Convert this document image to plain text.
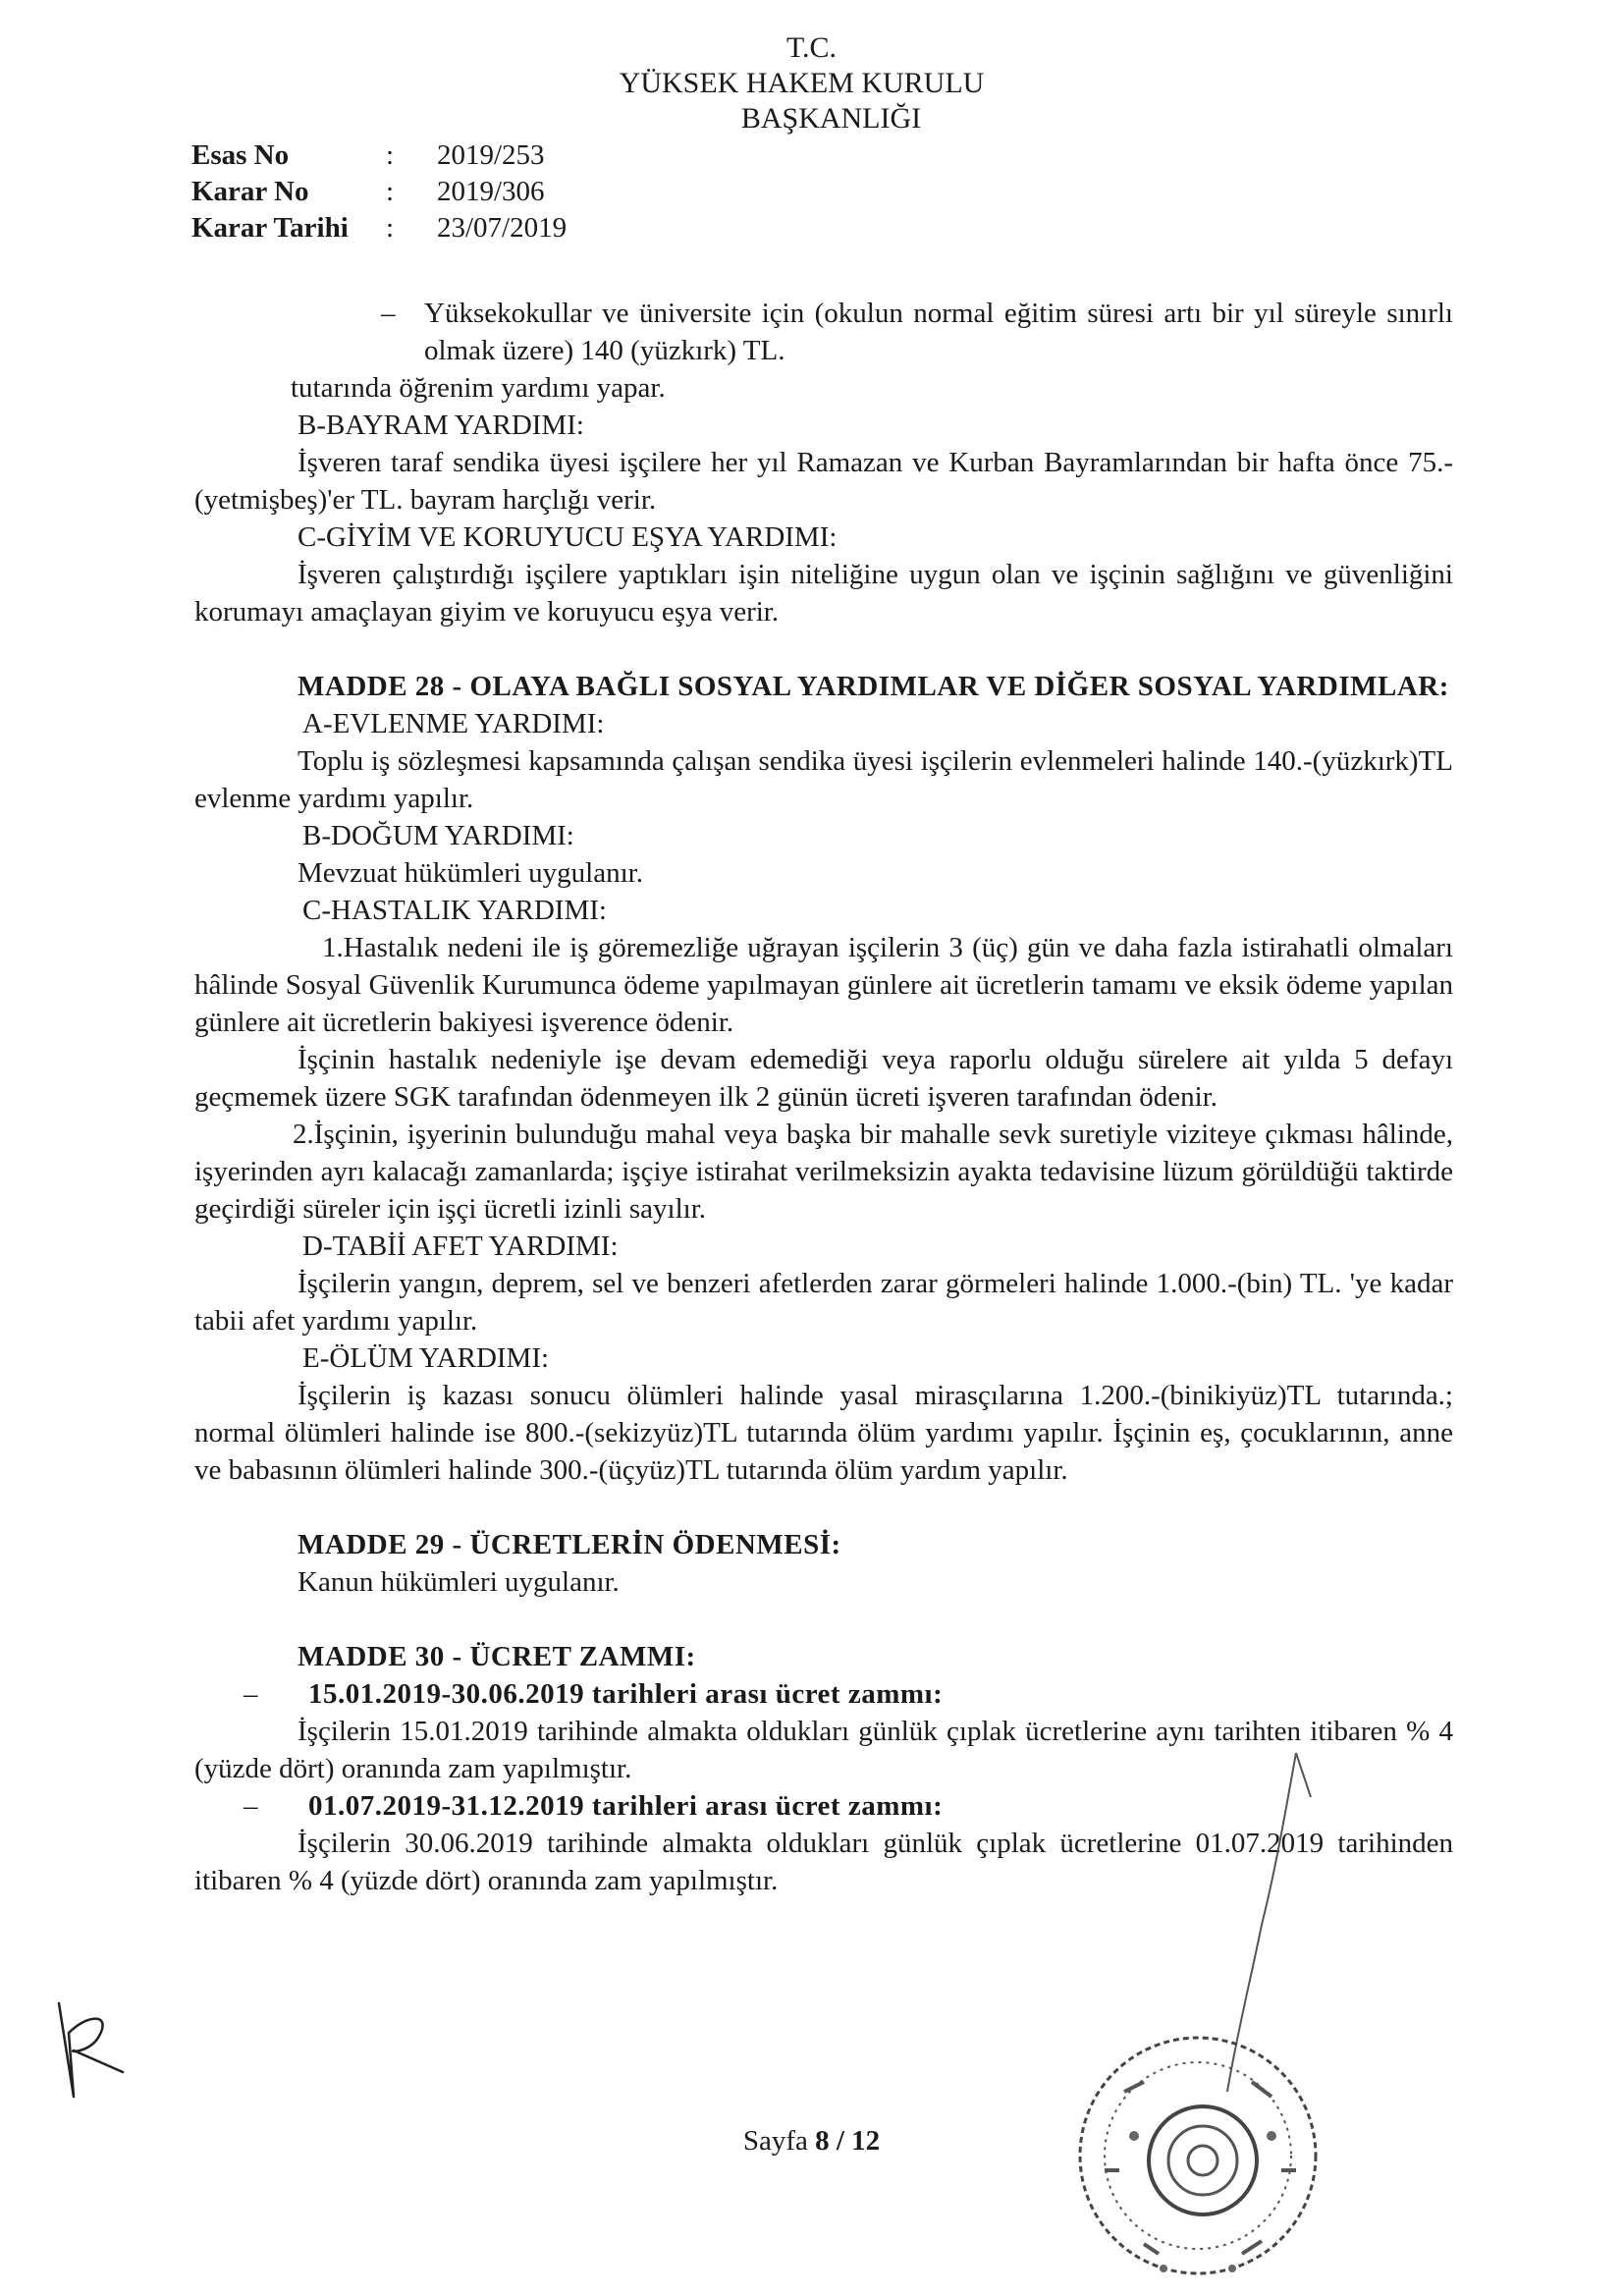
T.C.
YÜKSEK HAKEM KURULU
BAŞKANLIĞI
Esas No	:	2019/253
Karar No	:	2019/306
Karar Tarihi	:	23/07/2019
–	Yüksekokullar ve üniversite için (okulun normal eğitim süresi artı bir yıl süreyle sınırlı olmak üzere) 140 (yüzkırk) TL.

tutarında öğrenim yardımı yapar.

B-BAYRAM YARDIMI:

İşveren taraf sendika üyesi işçilere her yıl Ramazan ve Kurban Bayramlarından bir hafta önce 75.-(yetmişbeş)'er TL. bayram harçlığı verir.

C-GİYİM VE KORUYUCU EŞYA YARDIMI:

İşveren çalıştırdığı işçilere yaptıkları işin niteliğine uygun olan ve işçinin sağlığını ve güvenliğini korumayı amaçlayan giyim ve koruyucu eşya verir.

MADDE 28 - OLAYA BAĞLI SOSYAL YARDIMLAR VE DİĞER SOSYAL YARDIMLAR:

A-EVLENME YARDIMI:

Toplu iş sözleşmesi kapsamında çalışan sendika üyesi işçilerin evlenmeleri halinde 140.-(yüzkırk)TL evlenme yardımı yapılır.

B-DOĞUM YARDIMI:

Mevzuat hükümleri uygulanır.

C-HASTALIK YARDIMI:

1.Hastalık nedeni ile iş göremezliğe uğrayan işçilerin 3 (üç) gün ve daha fazla istirahatli olmaları hâlinde Sosyal Güvenlik Kurumunca ödeme yapılmayan günlere ait ücretlerin tamamı ve eksik ödeme yapılan günlere ait ücretlerin bakiyesi işverence ödenir.

İşçinin hastalık nedeniyle işe devam edemediği veya raporlu olduğu sürelere ait yılda 5 defayı geçmemek üzere SGK tarafından ödenmeyen ilk 2 günün ücreti işveren tarafından ödenir.

2.İşçinin, işyerinin bulunduğu mahal veya başka bir mahalle sevk suretiyle viziteye çıkması hâlinde, işyerinden ayrı kalacağı zamanlarda; işçiye istirahat verilmeksizin ayakta tedavisine lüzum görüldüğü taktirde geçirdiği süreler için işçi ücretli izinli sayılır.

D-TABİİ AFET YARDIMI:

İşçilerin yangın, deprem, sel ve benzeri afetlerden zarar görmeleri halinde 1.000.-(bin) TL. 'ye kadar tabii afet yardımı yapılır.

E-ÖLÜM YARDIMI:

İşçilerin iş kazası sonucu ölümleri halinde yasal mirasçılarına 1.200.-(binikiyüz)TL tutarında.; normal ölümleri halinde ise 800.-(sekizyüz)TL tutarında ölüm yardımı yapılır. İşçinin eş, çocuklarının, anne ve babasının ölümleri halinde 300.-(üçyüz)TL tutarında ölüm yardım yapılır.

MADDE 29 - ÜCRETLERİN ÖDENMESİ:

Kanun hükümleri uygulanır.

MADDE 30 - ÜCRET ZAMMI:

–	15.01.2019-30.06.2019 tarihleri arası ücret zammı:

İşçilerin 15.01.2019 tarihinde almakta oldukları günlük çıplak ücretlerine aynı tarihten itibaren % 4 (yüzde dört) oranında zam yapılmıştır.

–	01.07.2019-31.12.2019 tarihleri arası ücret zammı:

İşçilerin 30.06.2019 tarihinde almakta oldukları günlük çıplak ücretlerine 01.07.2019 tarihinden itibaren % 4 (yüzde dört) oranında zam yapılmıştır.

Sayfa 8 / 12
